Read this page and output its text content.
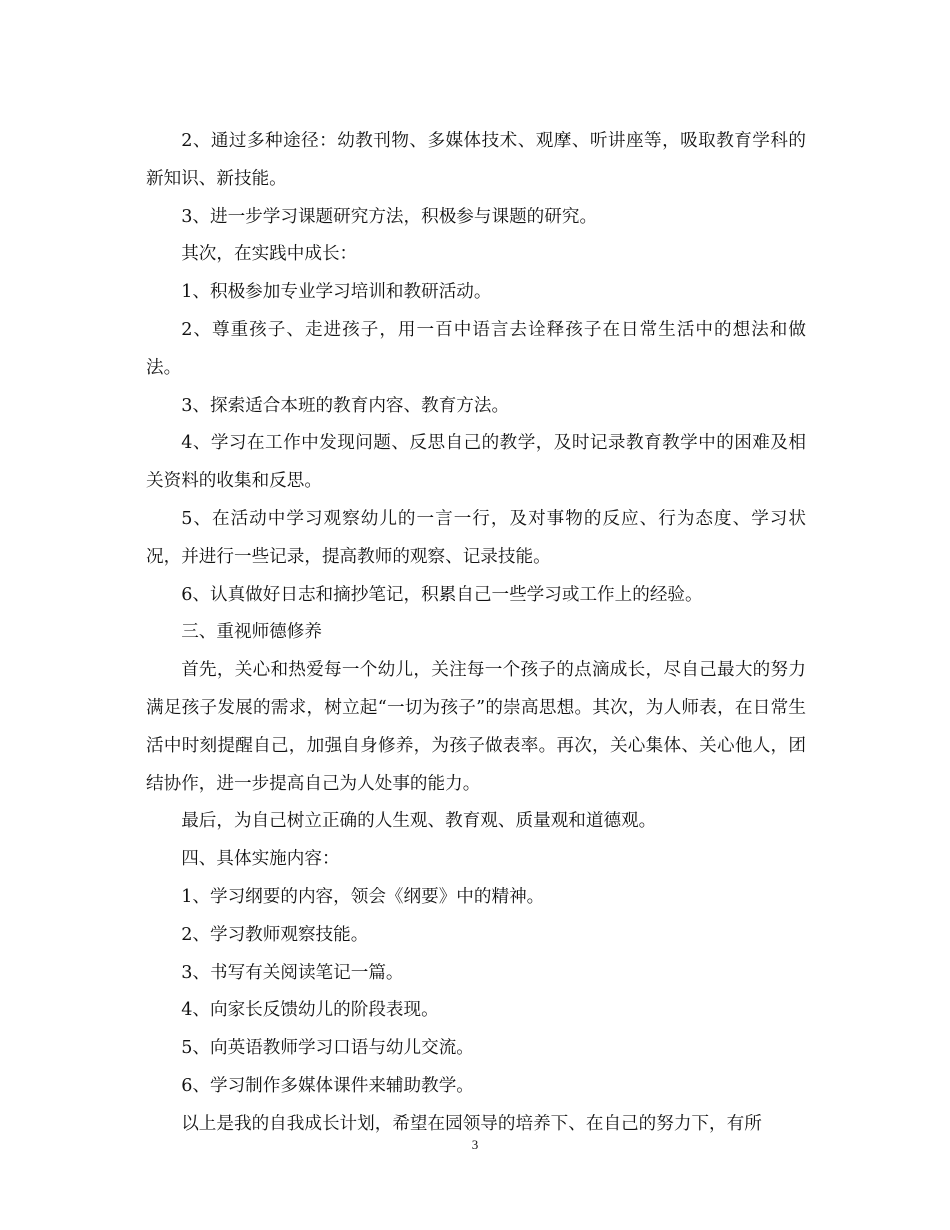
2、通过多种途径：幼教刊物、多媒体技术、观摩、听讲座等，吸取教育学科的新知识、新技能。

3、进一步学习课题研究方法，积极参与课题的研究。

其次，在实践中成长：

1、积极参加专业学习培训和教研活动。

2、尊重孩子、走进孩子，用一百中语言去诠释孩子在日常生活中的想法和做法。

3、探索适合本班的教育内容、教育方法。

4、学习在工作中发现问题、反思自己的教学，及时记录教育教学中的困难及相关资料的收集和反思。

5、在活动中学习观察幼儿的一言一行，及对事物的反应、行为态度、学习状况，并进行一些记录，提高教师的观察、记录技能。

6、认真做好日志和摘抄笔记，积累自己一些学习或工作上的经验。

三、重视师德修养

首先，关心和热爱每一个幼儿，关注每一个孩子的点滴成长，尽自己最大的努力满足孩子发展的需求，树立起“一切为孩子”的崇高思想。其次，为人师表，在日常生活中时刻提醒自己，加强自身修养，为孩子做表率。再次，关心集体、关心他人，团结协作，进一步提高自己为人处事的能力。

最后，为自己树立正确的人生观、教育观、质量观和道德观。

四、具体实施内容：

1、学习纲要的内容，领会《纲要》中的精神。

2、学习教师观察技能。

3、书写有关阅读笔记一篇。

4、向家长反馈幼儿的阶段表现。

5、向英语教师学习口语与幼儿交流。

6、学习制作多媒体课件来辅助教学。

以上是我的自我成长计划，希望在园领导的培养下、在自己的努力下，有所

3
